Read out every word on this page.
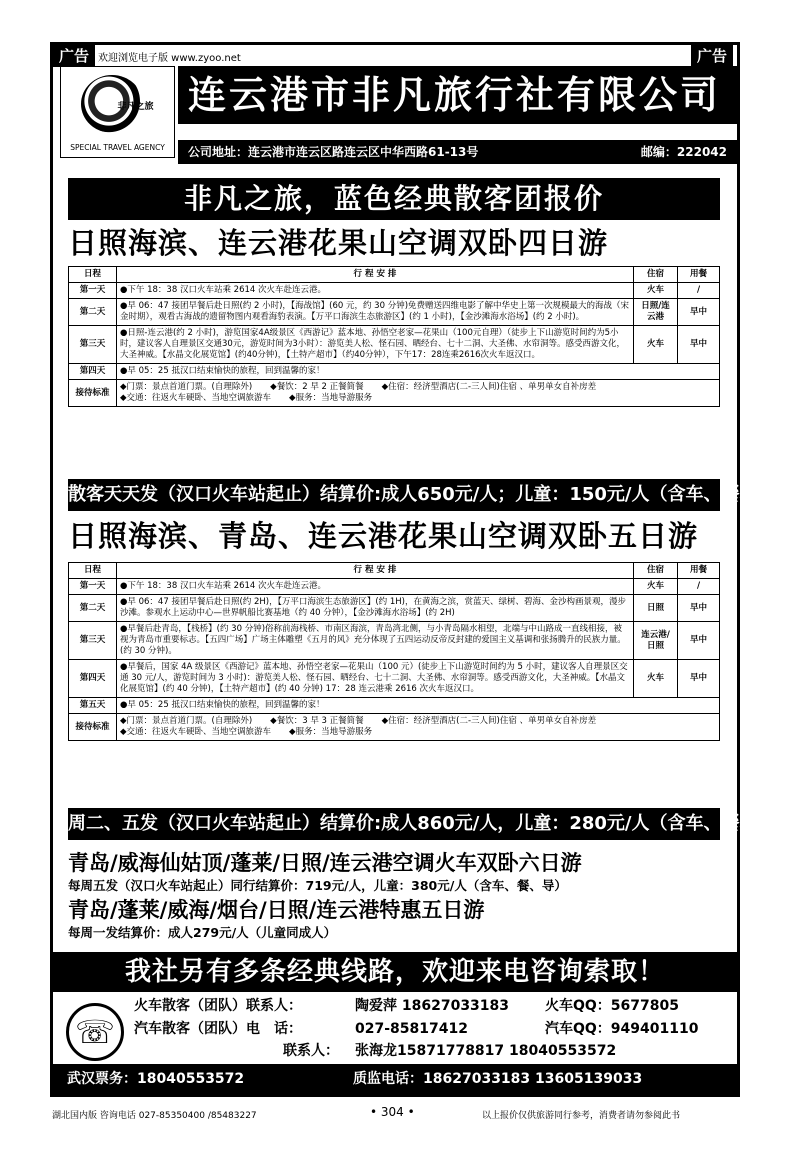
广告 欢迎浏览电子版 www.zyoo.net	广告
非凡之旅
SPECIAL TRAVEL AGENCY
连云港市非凡旅行社有限公司
公司地址：连云港市连云区路连云区中华西路61-13号	邮编：222042
非凡之旅，蓝色经典散客团报价
日照海滨、连云港花果山空调双卧四日游
日程	行 程 安 排	住宿	用餐
第一天	●下午 18：38 汉口火车站乘 2614 次火车赴连云港。	火车	/
第二天	●早 06：47 接团早餐后赴日照(约 2 小时)，【海战馆】(60 元，约 30 分钟)免费赠送四维电影了解中华史上第一次规模最大的海战（宋金时期），观看古海战的遗留物图内观看海豹表演。【万平口海滨生态旅游区】(约 1 小时)，【金沙滩海水浴场】(约 2 小时)。	日照/连云港	早中
第三天	●日照-连云港(约 2 小时)，游览国家4A级景区《西游记》蓝本地、孙悟空老家—花果山（100元自理）（徒步上下山游览时间约为5小时，建议客人自理景区交通30元，游览时间为3小时）：游览美人松、怪石园、晒经台、七十二洞、大圣佛、水帘洞等。感受西游文化，大圣神威。【水晶文化展览馆】(约40分钟)，【土特产超市】（约40分钟），下午17：28连乘2616次火车返汉口。	火车	早中
第四天	●早 05：25 抵汉口结束愉快的旅程，回到温馨的家！		
接待标准	◆门票：景点首道门票。(自理除外) ◆餐饮：2 早 2 正餐简餐 ◆住宿：经济型酒店(二-三人间)住宿 、单男单女自补房差
◆交通：往返火车硬卧、当地空调旅游车 ◆服务：当地导游服务		
散客天天发（汉口火车站起止）结算价:成人650元/人；儿童：150元/人（含车、餐、导）
日照海滨、青岛、连云港花果山空调双卧五日游
日程	行 程 安 排	住宿	用餐
第一天	●下午 18：38 汉口火车站乘 2614 次火车赴连云港。	火车	/
第二天	●早 06：47 接团早餐后赴日照(约 2H)，【万平口海滨生态旅游区】(约 1H)，在黄海之滨，赏蓝天、绿树、碧海、金沙构画景观，漫步沙滩。参观水上运动中心—世界帆船比赛基地（约 40 分钟），【金沙滩海水浴场】(约 2H)	日照	早中
第三天	●早餐后赴青岛，【栈桥】(约 30 分钟)俗称前海栈桥、市南区海滨，青岛湾北侧，与小青岛隔水相望，北端与中山路成一直线相接，被视为青岛市重要标志。【五四广场】广场主体雕塑《五月的风》充分体现了五四运动反帝反封建的爱国主义基调和张扬腾升的民族力量。(约 30 分钟)。	连云港/日照	早中
第四天	●早餐后，国家 4A 级景区《西游记》蓝本地、孙悟空老家—花果山（100 元）(徒步上下山游览时间约为 5 小时，建议客人自理景区交通 30 元/人，游览时间为 3 小时)：游览美人松、怪石园、晒经台、七十二洞、大圣佛、水帘洞等。感受西游文化，大圣神威。【水晶文化展览馆】(约 40 分钟)，【土特产超市】(约 40 分钟) 17：28 连云港乘 2616 次火车返汉口。	火车	早中
第五天	●早 05：25 抵汉口结束愉快的旅程，回到温馨的家！		
接待标准	◆门票：景点首道门票。(自理除外) ◆餐饮：3 早 3 正餐简餐 ◆住宿：经济型酒店(二-三人间)住宿 、单男单女自补房差
◆交通：往返火车硬卧、当地空调旅游车 ◆服务：当地导游服务		
周二、五发（汉口火车站起止）结算价:成人860元/人，儿童：280元/人（含车、餐、导）
青岛/威海仙姑顶/蓬莱/日照/连云港空调火车双卧六日游
每周五发（汉口火车站起止）同行结算价：719元/人，儿童：380元/人（含车、餐、导）
青岛/蓬莱/威海/烟台/日照/连云港特惠五日游
每周一发结算价：成人279元/人（儿童同成人）
我社另有多条经典线路，欢迎来电咨询索取！
☏
火车散客（团队）联系人：	陶爱萍 18627033183	火车QQ：5677805
汽车散客（团队）电　话：	027-85817412	汽车QQ：949401110
联系人： 张海龙15871778817 18040553572
武汉票务：18040553572	质监电话：18627033183 13605139033
湖北国内版 咨询电话 027-85350400 /85483227	• 304 •	以上报价仅供旅游同行参考，消费者请勿参阅此书
